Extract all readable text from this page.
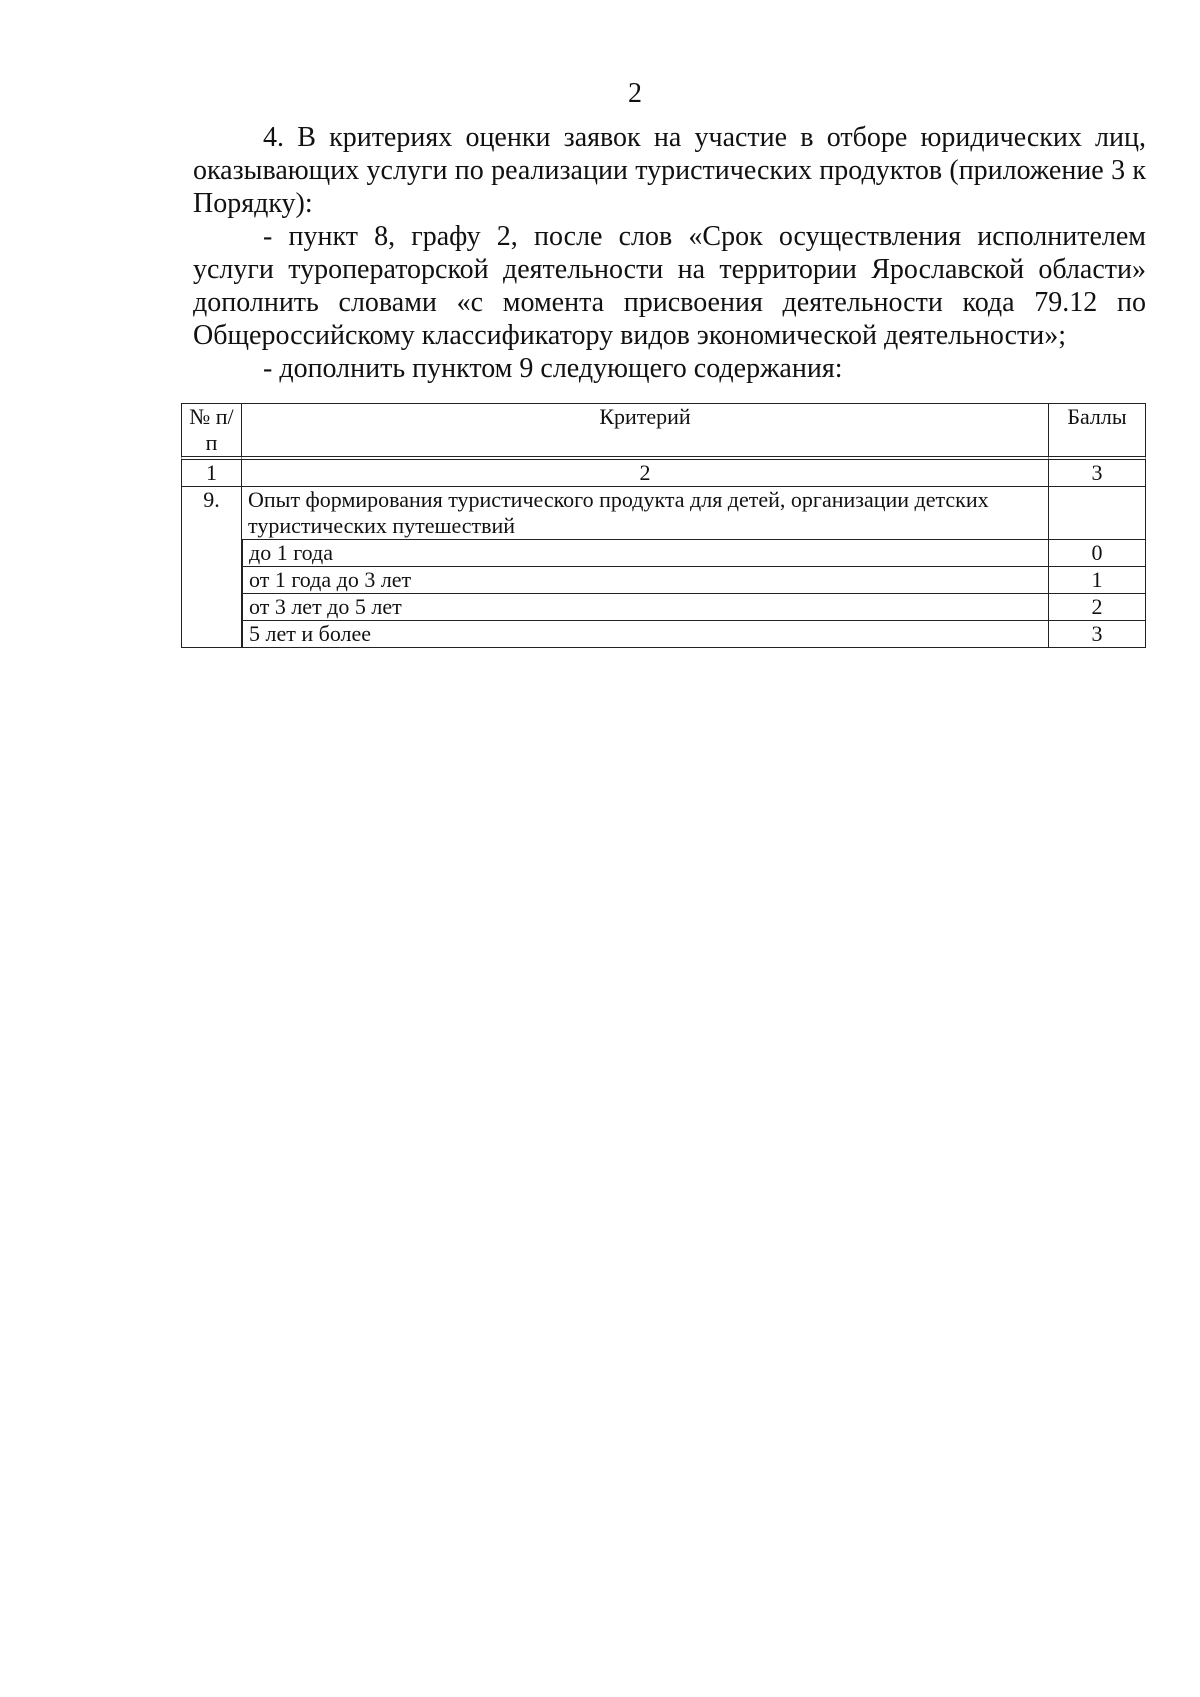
2

4. В критериях оценки заявок на участие в отборе юридических лиц, оказывающих услуги по реализации туристических продуктов (приложение 3 к Порядку):

- пункт 8, графу 2, после слов «Срок осуществления исполнителем услуги туроператорской деятельности на территории Ярославской области» дополнить словами «с момента присвоения деятельности кода 79.12 по Общероссийскому классификатору видов экономической деятельности»;

- дополнить пунктом 9 следующего содержания:

№ п/п	Критерий	Баллы
1	2	3
9.	Опыт формирования туристического продукта для детей, организации детских туристических путешествий	
	до 1 года	0
	от 1 года до 3 лет	1
	от 3 лет до 5 лет	2
	5 лет и более	3
